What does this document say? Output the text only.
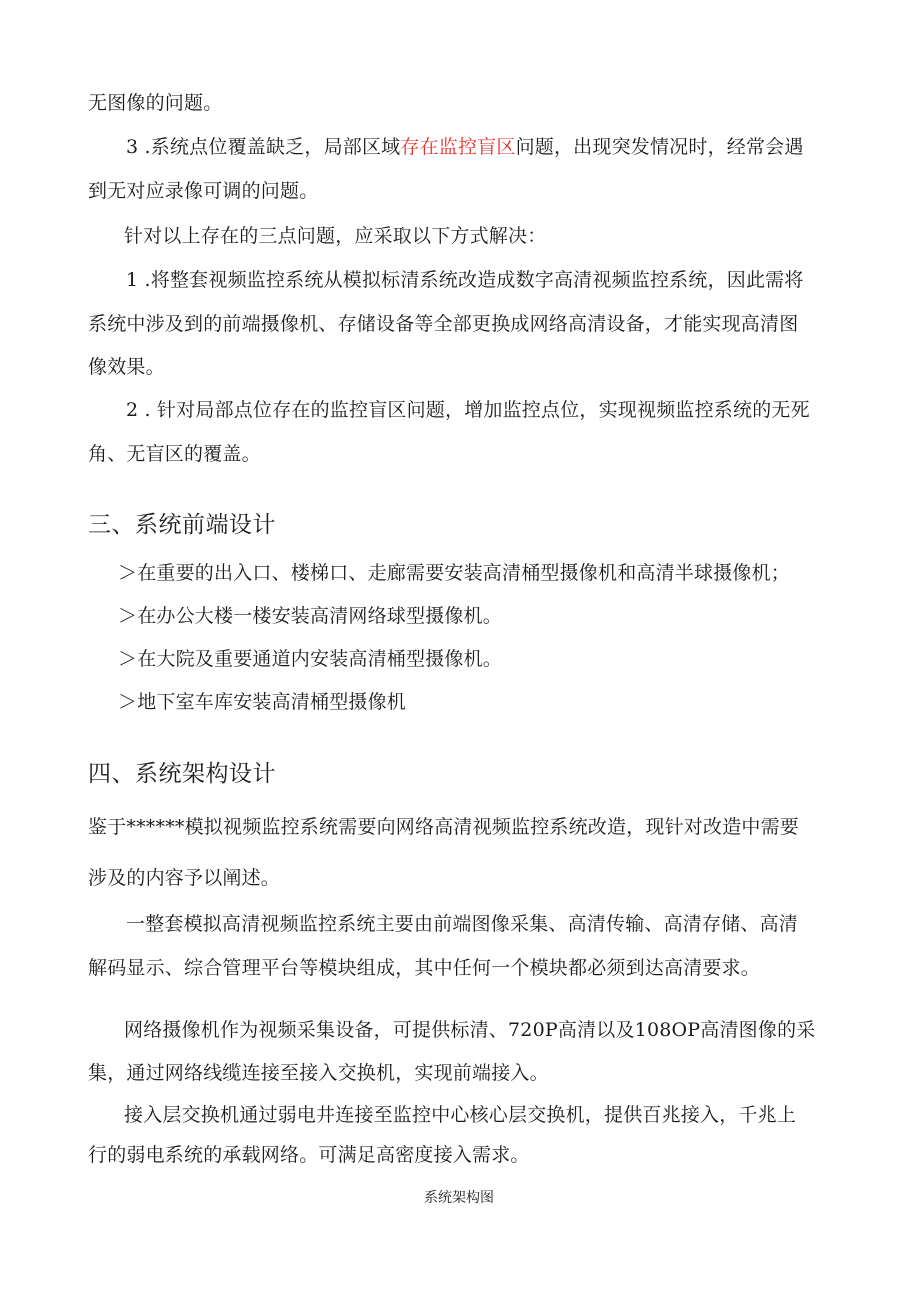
无图像的问题。
3 .系统点位覆盖缺乏，局部区域存在监控盲区问题，出现突发情况时，经常会遇
到无对应录像可调的问题。
针对以上存在的三点问题，应采取以下方式解决：
1 .将整套视频监控系统从模拟标清系统改造成数字高清视频监控系统，因此需将
系统中涉及到的前端摄像机、存储设备等全部更换成网络高清设备，才能实现高清图
像效果。
2 . 针对局部点位存在的监控盲区问题，增加监控点位，实现视频监控系统的无死
角、无盲区的覆盖。
三、系统前端设计
＞在重要的出入口、楼梯口、走廊需要安装高清桶型摄像机和高清半球摄像机；
＞在办公大楼一楼安装高清网络球型摄像机。
＞在大院及重要通道内安装高清桶型摄像机。
＞地下室车库安装高清桶型摄像机
四、系统架构设计
鉴于******模拟视频监控系统需要向网络高清视频监控系统改造，现针对改造中需要
涉及的内容予以阐述。
一整套模拟高清视频监控系统主要由前端图像采集、高清传输、高清存储、高清
解码显示、综合管理平台等模块组成，其中任何一个模块都必须到达高清要求。
网络摄像机作为视频采集设备，可提供标清、720P高清以及108OP高清图像的采
集，通过网络线缆连接至接入交换机，实现前端接入。
接入层交换机通过弱电井连接至监控中心核心层交换机，提供百兆接入，千兆上
行的弱电系统的承载网络。可满足高密度接入需求。
系统架构图
